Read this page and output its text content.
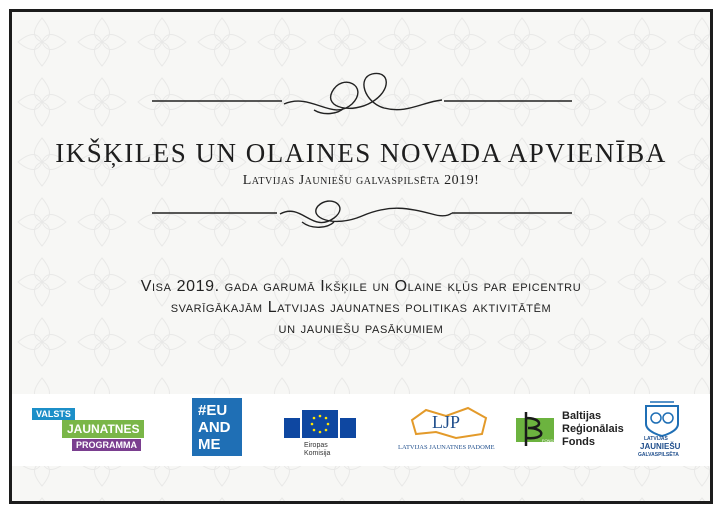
IKŠĶILES UN OLAINES NOVADA APVIENĪBA
Latvijas Jauniešu galvaspilsēta 2019!
Visa 2019. gada garumā Ikšķile un Olaine kļūs par epicentru
svarīgākajām Latvijas jaunatnes politikas aktivitātēm
un jauniešu pasākumiem
VALSTS
JAUNATNES
PROGRAMMA
#EU
AND
ME	Eiropas
Komisija
LJP
LATVIJAS JAUNATNES PADOME
FONDS
Baltijas
Reģionālais
Fonds	LATVIJAS
JAUNIEŠU
GALVASPILSĒTA
